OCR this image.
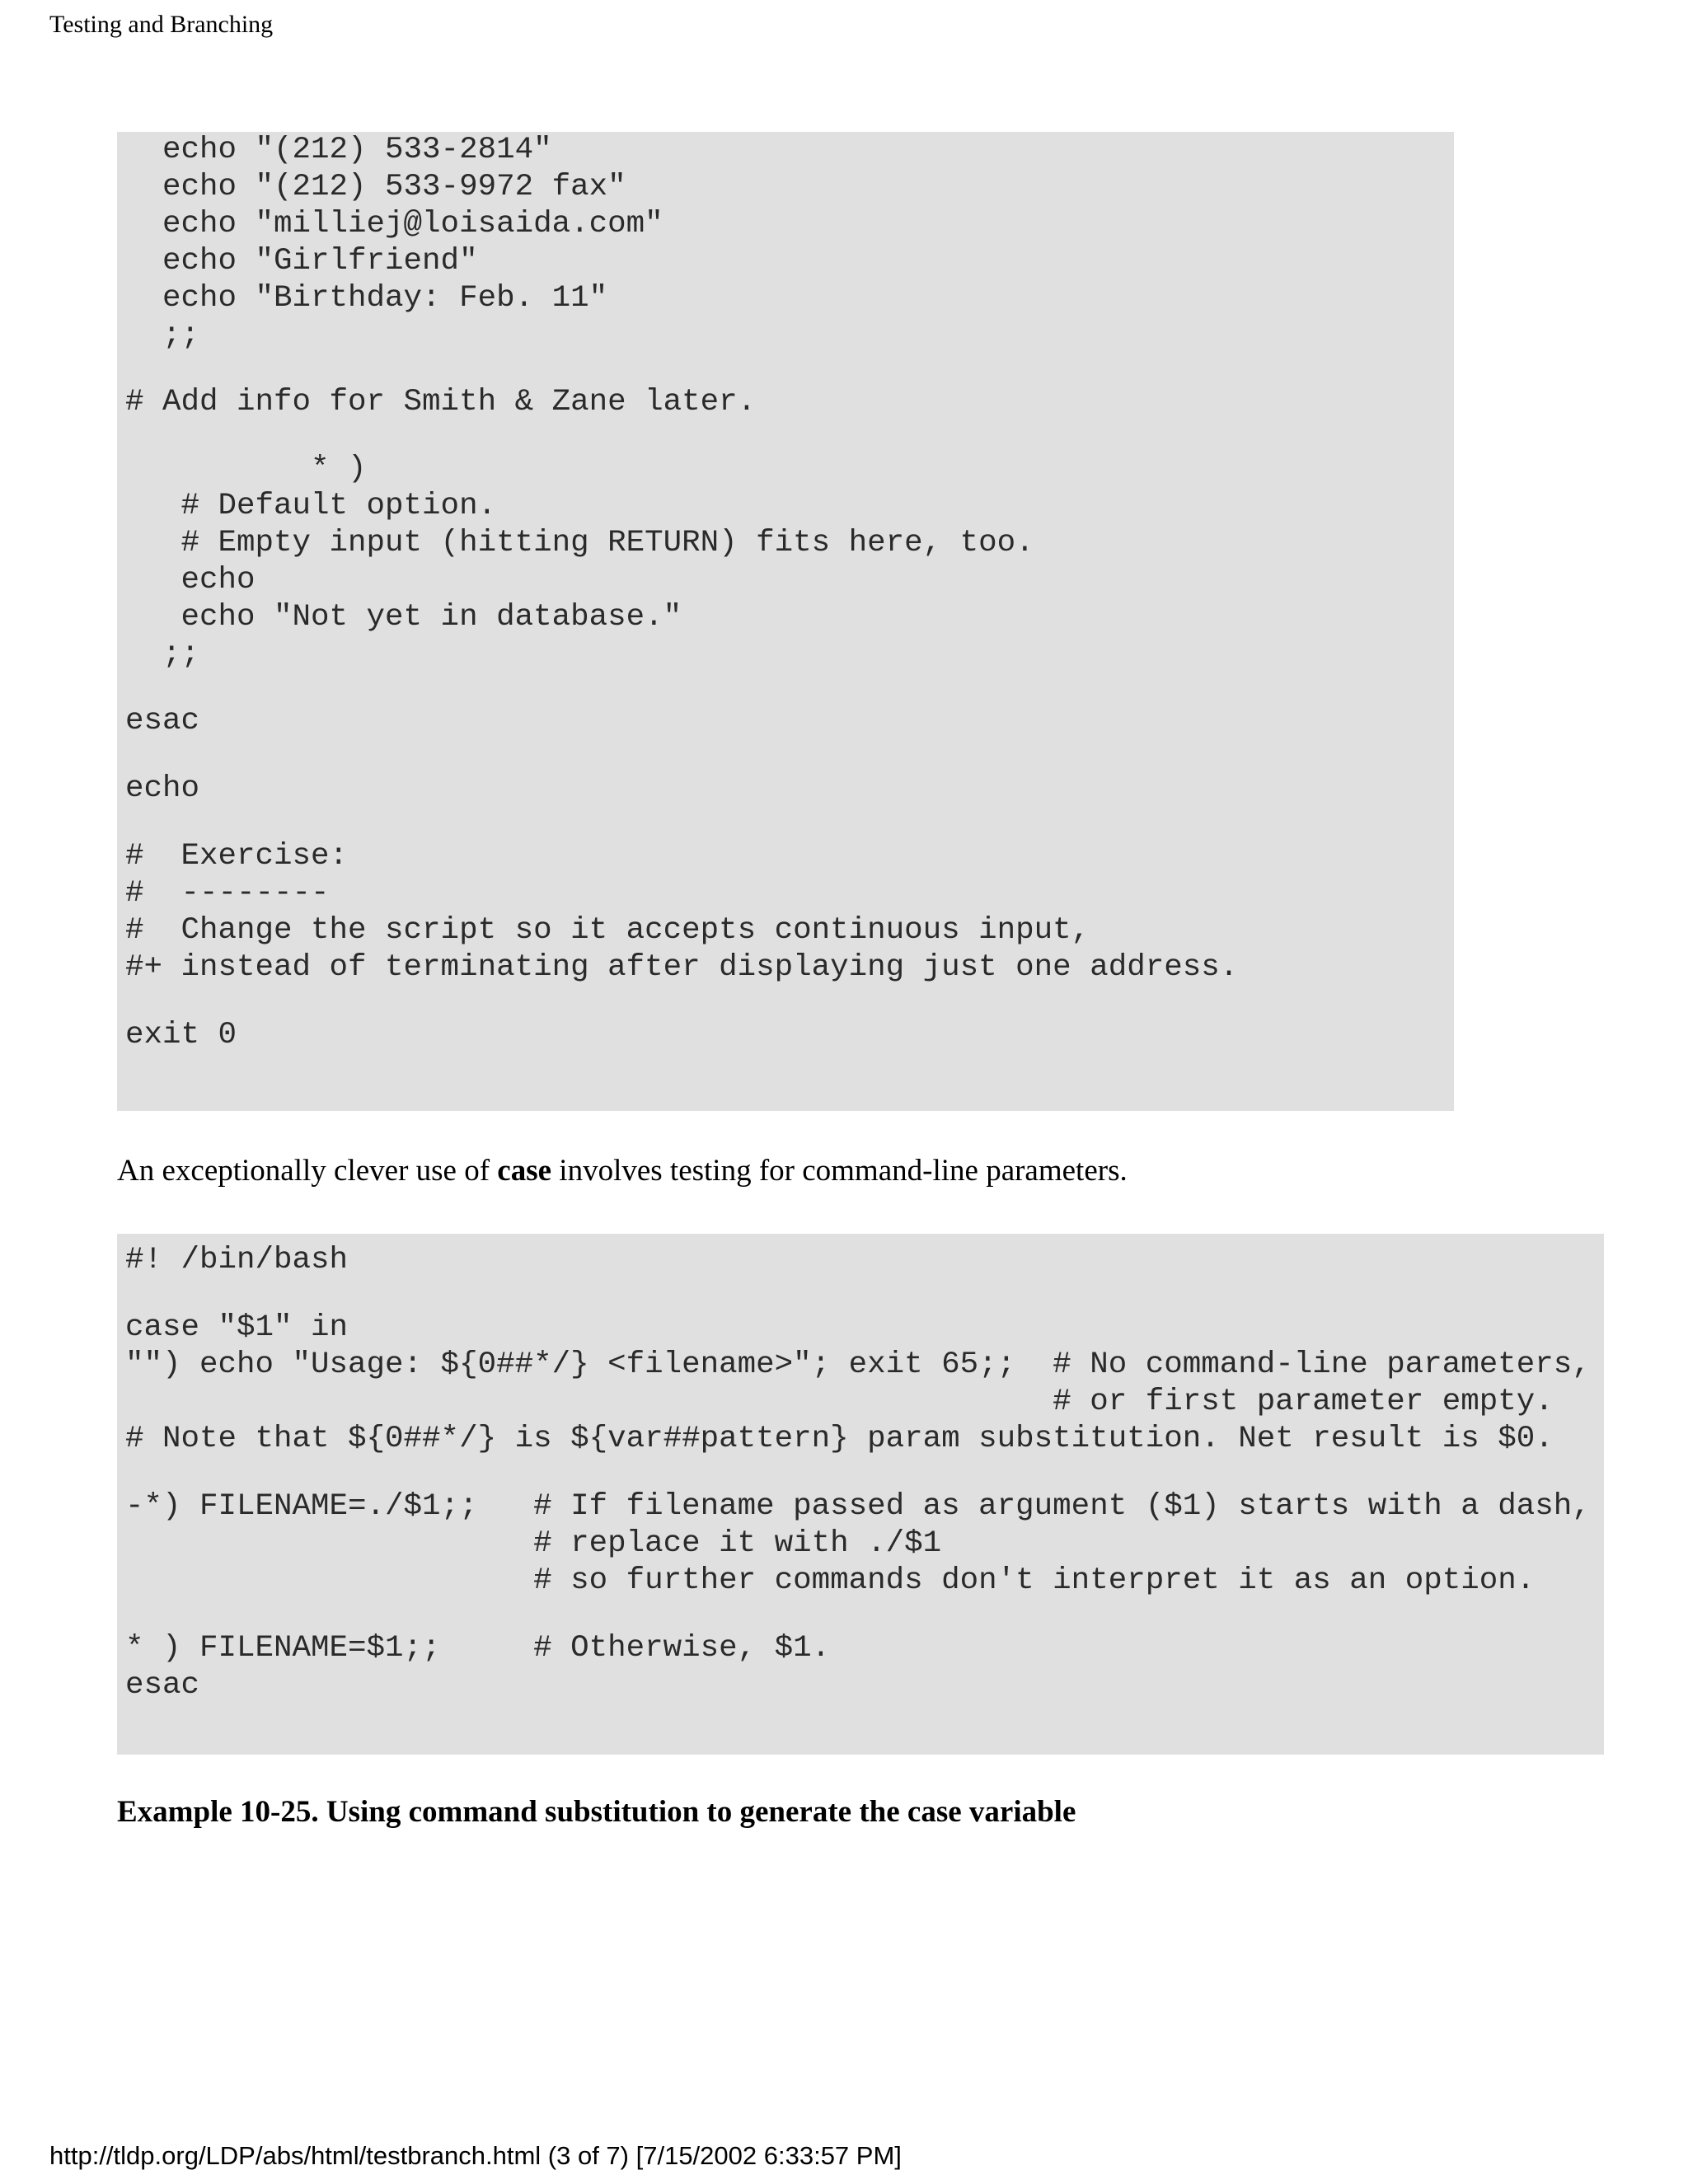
Testing and Branching
echo "(212) 533-2814"
echo "(212) 533-9972 fax"
echo "milliej@loisaida.com"
echo "Girlfriend"
echo "Birthday: Feb. 11"
;;
# Add info for Smith & Zane later.
* )
# Default option.
# Empty input (hitting RETURN) fits here, too.
echo
echo "Not yet in database."
;;
esac
echo
#  Exercise:
#  --------
#  Change the script so it accepts continuous input,
#+ instead of terminating after displaying just one address.
exit 0
An exceptionally clever use of case involves testing for command-line parameters.
#! /bin/bash
case "$1" in
"") echo "Usage: ${0##*/} <filename>"; exit 65;;  # No command-line parameters,
# or first parameter empty.
# Note that ${0##*/} is ${var##pattern} param substitution. Net result is $0.
-*) FILENAME=./$1;;   # If filename passed as argument ($1) starts with a dash,
# replace it with ./$1
# so further commands don't interpret it as an option.
* ) FILENAME=$1;;     # Otherwise, $1.
esac
Example 10-25. Using command substitution to generate the case variable
http://tldp.org/LDP/abs/html/testbranch.html (3 of 7) [7/15/2002 6:33:57 PM]
